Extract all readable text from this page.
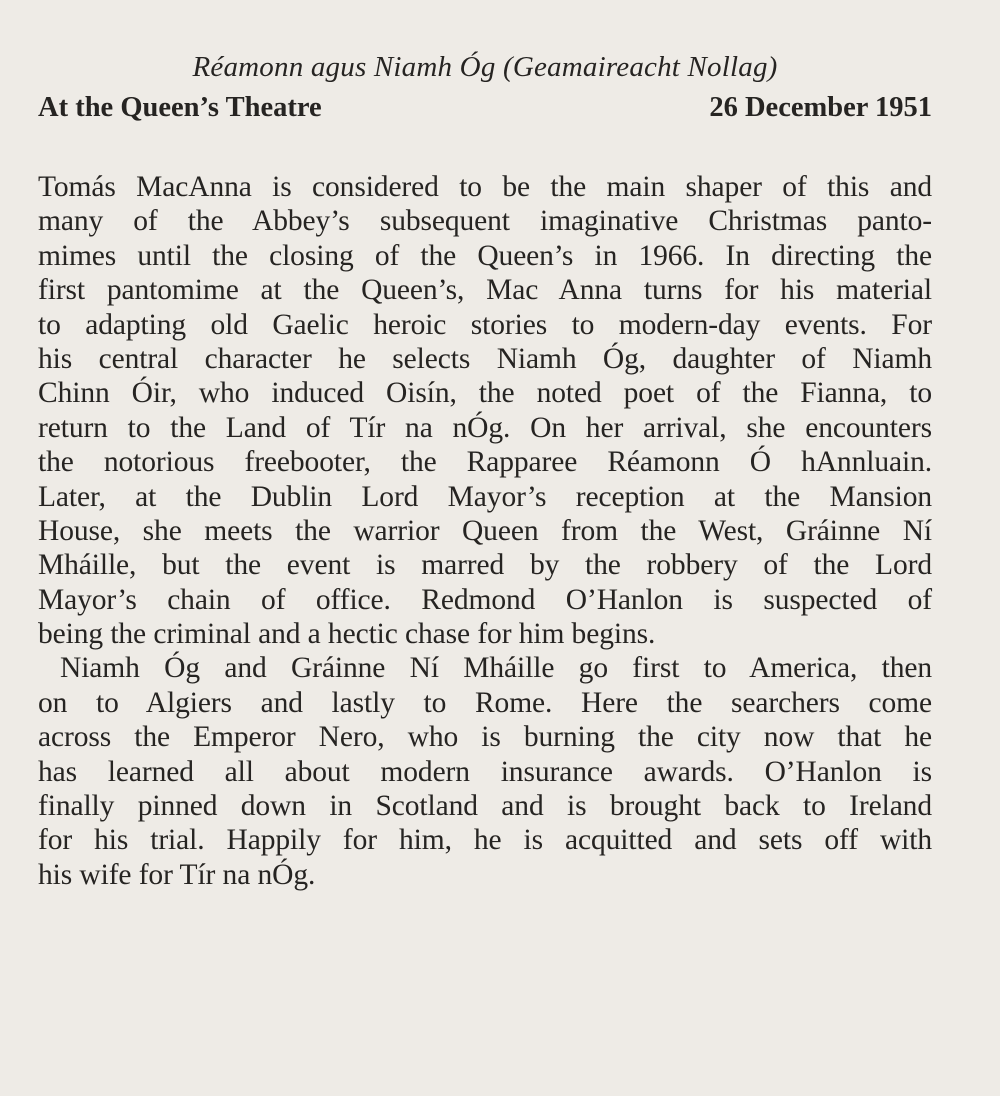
Réamonn agus Niamh Óg (Geamaireacht Nollag)
At the Queen’s Theatre	26 December 1951
Tomás MacAnna is considered to be the main shaper of this and
many of the Abbey’s subsequent imaginative Christmas panto-
mimes until the closing of the Queen’s in 1966. In directing the
first pantomime at the Queen’s, Mac Anna turns for his material
to adapting old Gaelic heroic stories to modern-day events. For
his central character he selects Niamh Óg, daughter of Niamh
Chinn Óir, who induced Oisín, the noted poet of the Fianna, to
return to the Land of Tír na nÓg. On her arrival, she encounters
the notorious freebooter, the Rapparee Réamonn Ó hAnnluain.
Later, at the Dublin Lord Mayor’s reception at the Mansion
House, she meets the warrior Queen from the West, Gráinne Ní
Mháille, but the event is marred by the robbery of the Lord
Mayor’s chain of office. Redmond O’Hanlon is suspected of
being the criminal and a hectic chase for him begins.
Niamh Óg and Gráinne Ní Mháille go first to America, then
on to Algiers and lastly to Rome. Here the searchers come
across the Emperor Nero, who is burning the city now that he
has learned all about modern insurance awards. O’Hanlon is
finally pinned down in Scotland and is brought back to Ireland
for his trial. Happily for him, he is acquitted and sets off with
his wife for Tír na nÓg.
